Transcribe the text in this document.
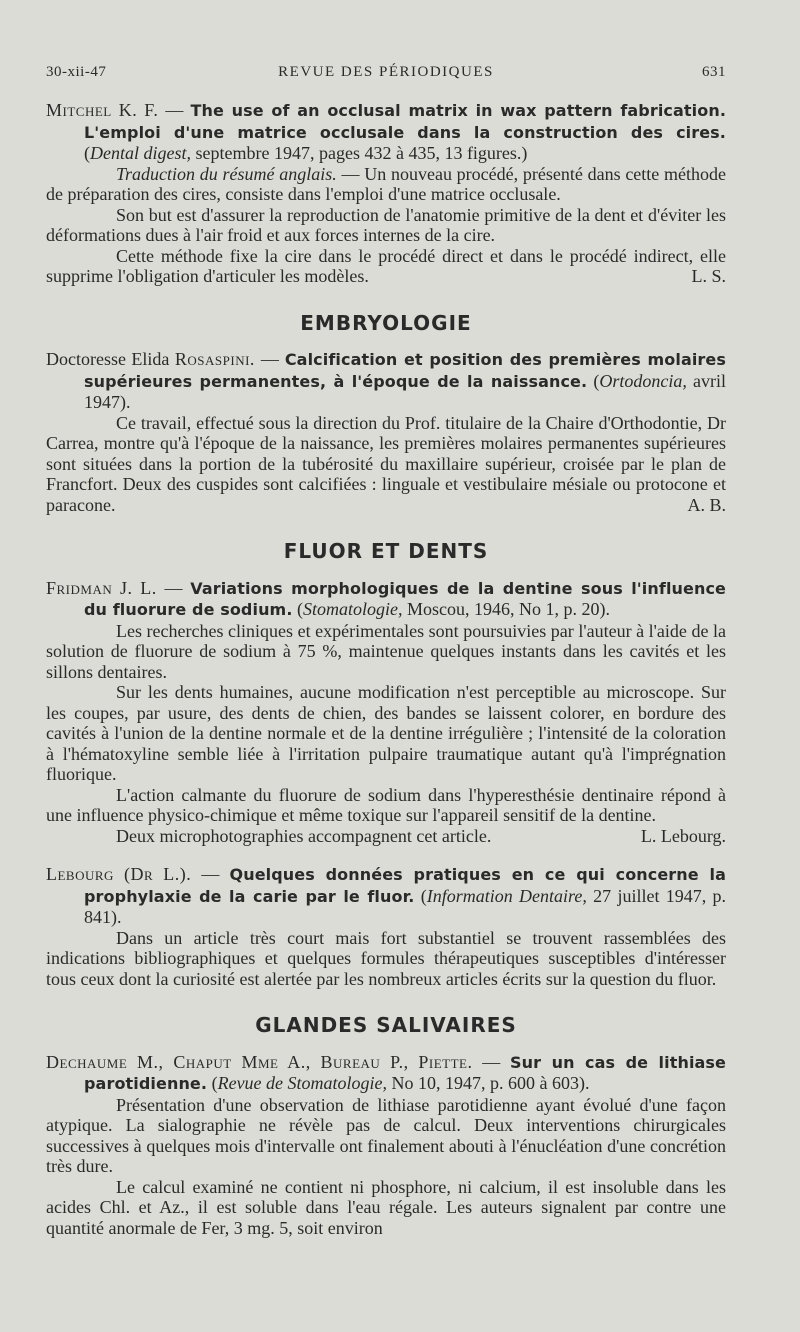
30-xii-47	REVUE DES PÉRIODIQUES	631
Mitchel K. F. — The use of an occlusal matrix in wax pattern fabrication. L'emploi d'une matrice occlusale dans la construction des cires. (Dental digest, septembre 1947, pages 432 à 435, 13 figures.)

Traduction du résumé anglais. — Un nouveau procédé, présenté dans cette méthode de préparation des cires, consiste dans l'emploi d'une matrice occlusale.

Son but est d'assurer la reproduction de l'anatomie primitive de la dent et d'éviter les déformations dues à l'air froid et aux forces internes de la cire.

Cette méthode fixe la cire dans le procédé direct et dans le procédé indirect, elle supprime l'obligation d'articuler les modèles.	L. S.

EMBRYOLOGIE
Doctoresse Elida Rosaspini. — Calcification et position des premières molaires supérieures permanentes, à l'époque de la naissance. (Ortodoncia, avril 1947).

Ce travail, effectué sous la direction du Prof. titulaire de la Chaire d'Orthodontie, Dr Carrea, montre qu'à l'époque de la naissance, les premières molaires permanentes supérieures sont situées dans la portion de la tubérosité du maxillaire supérieur, croisée par le plan de Francfort. Deux des cuspides sont calcifiées : linguale et vestibulaire mésiale ou protocone et paracone.	A. B.

FLUOR ET DENTS
Fridman J. L. — Variations morphologiques de la dentine sous l'influence du fluorure de sodium. (Stomatologie, Moscou, 1946, No 1, p. 20).

Les recherches cliniques et expérimentales sont poursuivies par l'auteur à l'aide de la solution de fluorure de sodium à 75 %, maintenue quelques instants dans les cavités et les sillons dentaires.

Sur les dents humaines, aucune modification n'est perceptible au microscope. Sur les coupes, par usure, des dents de chien, des bandes se laissent colorer, en bordure des cavités à l'union de la dentine normale et de la dentine irrégulière ; l'intensité de la coloration à l'hématoxyline semble liée à l'irritation pulpaire traumatique autant qu'à l'imprégnation fluorique.

L'action calmante du fluorure de sodium dans l'hyperesthésie dentinaire répond à une influence physico-chimique et même toxique sur l'appareil sensitif de la dentine.

Deux microphotographies accompagnent cet article.	L. Lebourg.

Lebourg (Dr L.). — Quelques données pratiques en ce qui concerne la prophylaxie de la carie par le fluor. (Information Dentaire, 27 juillet 1947, p. 841).

Dans un article très court mais fort substantiel se trouvent rassemblées des indications bibliographiques et quelques formules thérapeutiques susceptibles d'intéresser tous ceux dont la curiosité est alertée par les nombreux articles écrits sur la question du fluor.

GLANDES SALIVAIRES
Dechaume M., Chaput Mme A., Bureau P., Piette. — Sur un cas de lithiase parotidienne. (Revue de Stomatologie, No 10, 1947, p. 600 à 603).

Présentation d'une observation de lithiase parotidienne ayant évolué d'une façon atypique. La sialographie ne révèle pas de calcul. Deux interventions chirurgicales successives à quelques mois d'intervalle ont finalement abouti à l'énucléation d'une concrétion très dure.

Le calcul examiné ne contient ni phosphore, ni calcium, il est insoluble dans les acides Chl. et Az., il est soluble dans l'eau régale. Les auteurs signalent par contre une quantité anormale de Fer, 3 mg. 5, soit environ
